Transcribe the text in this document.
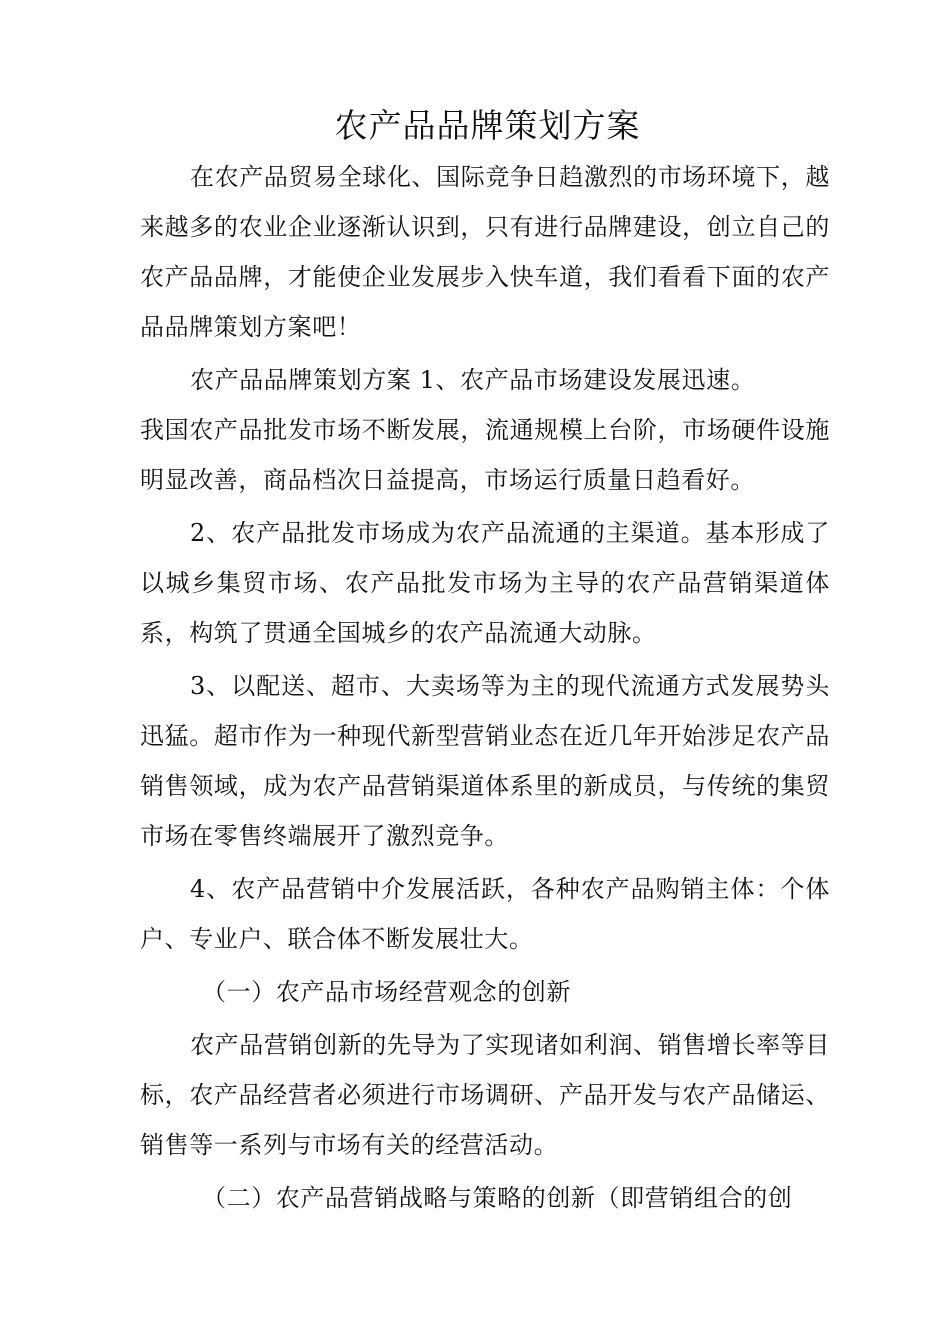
农产品品牌策划方案

在农产品贸易全球化、国际竞争日趋激烈的市场环境下，越来越多的农业企业逐渐认识到，只有进行品牌建设，创立自己的农产品品牌，才能使企业发展步入快车道，我们看看下面的农产品品牌策划方案吧！

农产品品牌策划方案 1、农产品市场建设发展迅速。

我国农产品批发市场不断发展，流通规模上台阶，市场硬件设施明显改善，商品档次日益提高，市场运行质量日趋看好。

2、农产品批发市场成为农产品流通的主渠道。基本形成了以城乡集贸市场、农产品批发市场为主导的农产品营销渠道体系，构筑了贯通全国城乡的农产品流通大动脉。

3、以配送、超市、大卖场等为主的现代流通方式发展势头迅猛。超市作为一种现代新型营销业态在近几年开始涉足农产品销售领域，成为农产品营销渠道体系里的新成员，与传统的集贸市场在零售终端展开了激烈竞争。

4、农产品营销中介发展活跃，各种农产品购销主体：个体户、专业户、联合体不断发展壮大。

（一）农产品市场经营观念的创新

农产品营销创新的先导为了实现诸如利润、销售增长率等目标，农产品经营者必须进行市场调研、产品开发与农产品储运、销售等一系列与市场有关的经营活动。

（二）农产品营销战略与策略的创新（即营销组合的创
